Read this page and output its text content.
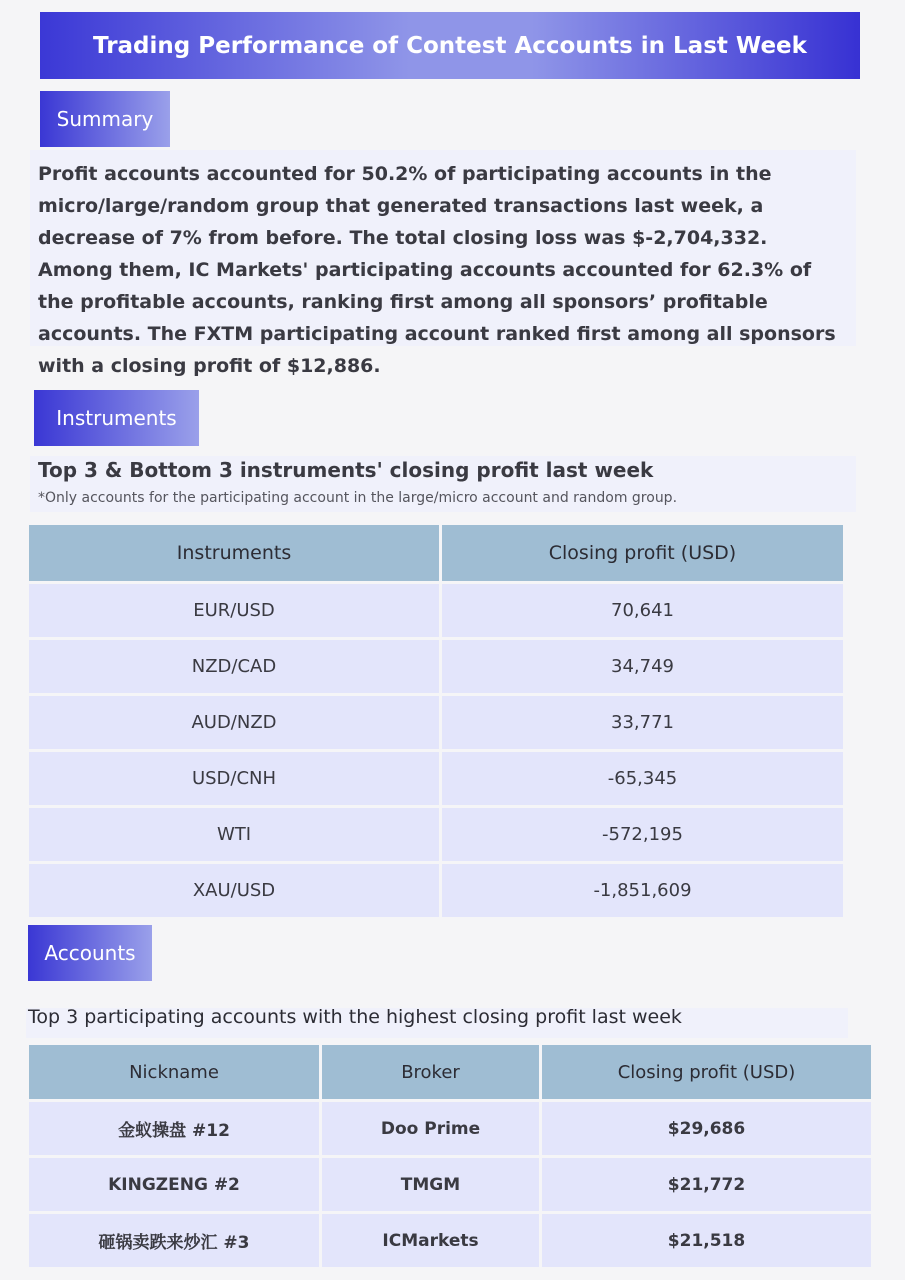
Trading Performance of Contest Accounts in Last Week
Summary

Profit accounts accounted for 50.2% of participating accounts in the micro/large/random group that generated transactions last week, a decrease of 7% from before. The total closing loss was $-2,704,332. Among them, IC Markets' participating accounts accounted for 62.3% of the profitable accounts, ranking first among all sponsors’ profitable accounts. The FXTM participating account ranked first among all sponsors with a closing profit of $12,886.

Instruments
Top 3 & Bottom 3 instruments' closing profit last week
*Only accounts for the participating account in the large/micro account and random group.
Instruments	Closing profit (USD)
EUR/USD	70,641
NZD/CAD	34,749
AUD/NZD	33,771
USD/CNH	-65,345
WTI	-572,195
XAU/USD	-1,851,609
Accounts
Top 3 participating accounts with the highest closing profit last week
Nickname	Broker	Closing profit (USD)
金蚁操盘 #12	Doo Prime	$29,686
KINGZENG #2	TMGM	$21,772
砸锅卖跌来炒汇 #3	ICMarkets	$21,518
